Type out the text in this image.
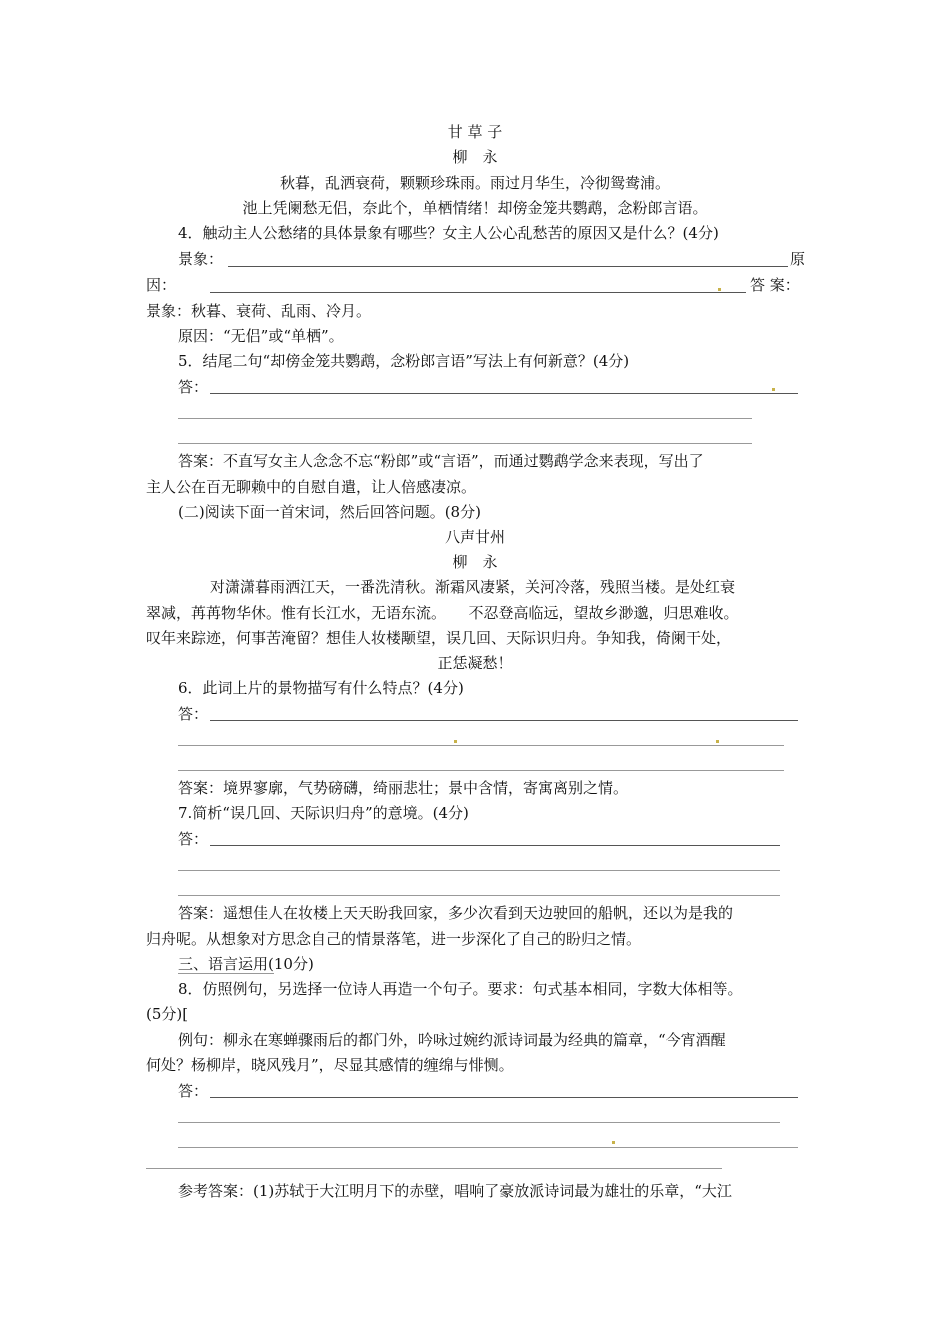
甘 草 子
柳　永
秋暮，乱洒衰荷，颗颗珍珠雨。雨过月华生，冷彻鸳鸯浦。
池上凭阑愁无侣，奈此个，单栖情绪！却傍金笼共鹦鹉，念粉郎言语。
4．触动主人公愁绪的具体景象有哪些？女主人公心乱愁苦的原因又是什么？(4分)
景象：	原
因：	答 案：
景象：秋暮、衰荷、乱雨、冷月。
原因：“无侣”或“单栖”。
5．结尾二句“却傍金笼共鹦鹉，念粉郎言语”写法上有何新意？(4分)
答：
答案：不直写女主人念念不忘“粉郎”或“言语”，而通过鹦鹉学念来表现，写出了
主人公在百无聊赖中的自慰自遣，让人倍感凄凉。
(二)阅读下面一首宋词，然后回答问题。(8分)
八声甘州
柳　永
对潇潇暮雨洒江天，一番洗清秋。渐霜风凄紧，关河冷落，残照当楼。是处红衰
翠减，苒苒物华休。惟有长江水，无语东流。　　不忍登高临远，望故乡渺邈，归思难收。
叹年来踪迹，何事苦淹留？想佳人妆楼颙望，误几回、天际识归舟。争知我，倚阑干处，
正恁凝愁！
6．此词上片的景物描写有什么特点？(4分)
答：
答案：境界寥廓，气势磅礴，绮丽悲壮；景中含情，寄寓离别之情。
7.简析“误几回、天际识归舟”的意境。(4分)
答：
答案：遥想佳人在妆楼上天天盼我回家，多少次看到天边驶回的船帆，还以为是我的
归舟呢。从想象对方思念自己的情景落笔，进一步深化了自己的盼归之情。
三、语言运用(10分)
8．仿照例句，另选择一位诗人再造一个句子。要求：句式基本相同，字数大体相等。
(5分)[
例句：柳永在寒蝉骤雨后的都门外，吟咏过婉约派诗词最为经典的篇章，“今宵酒醒
何处？杨柳岸，晓风残月”，尽显其感情的缠绵与悱恻。
答：
参考答案：(1)苏轼于大江明月下的赤壁，唱响了豪放派诗词最为雄壮的乐章，“大江
